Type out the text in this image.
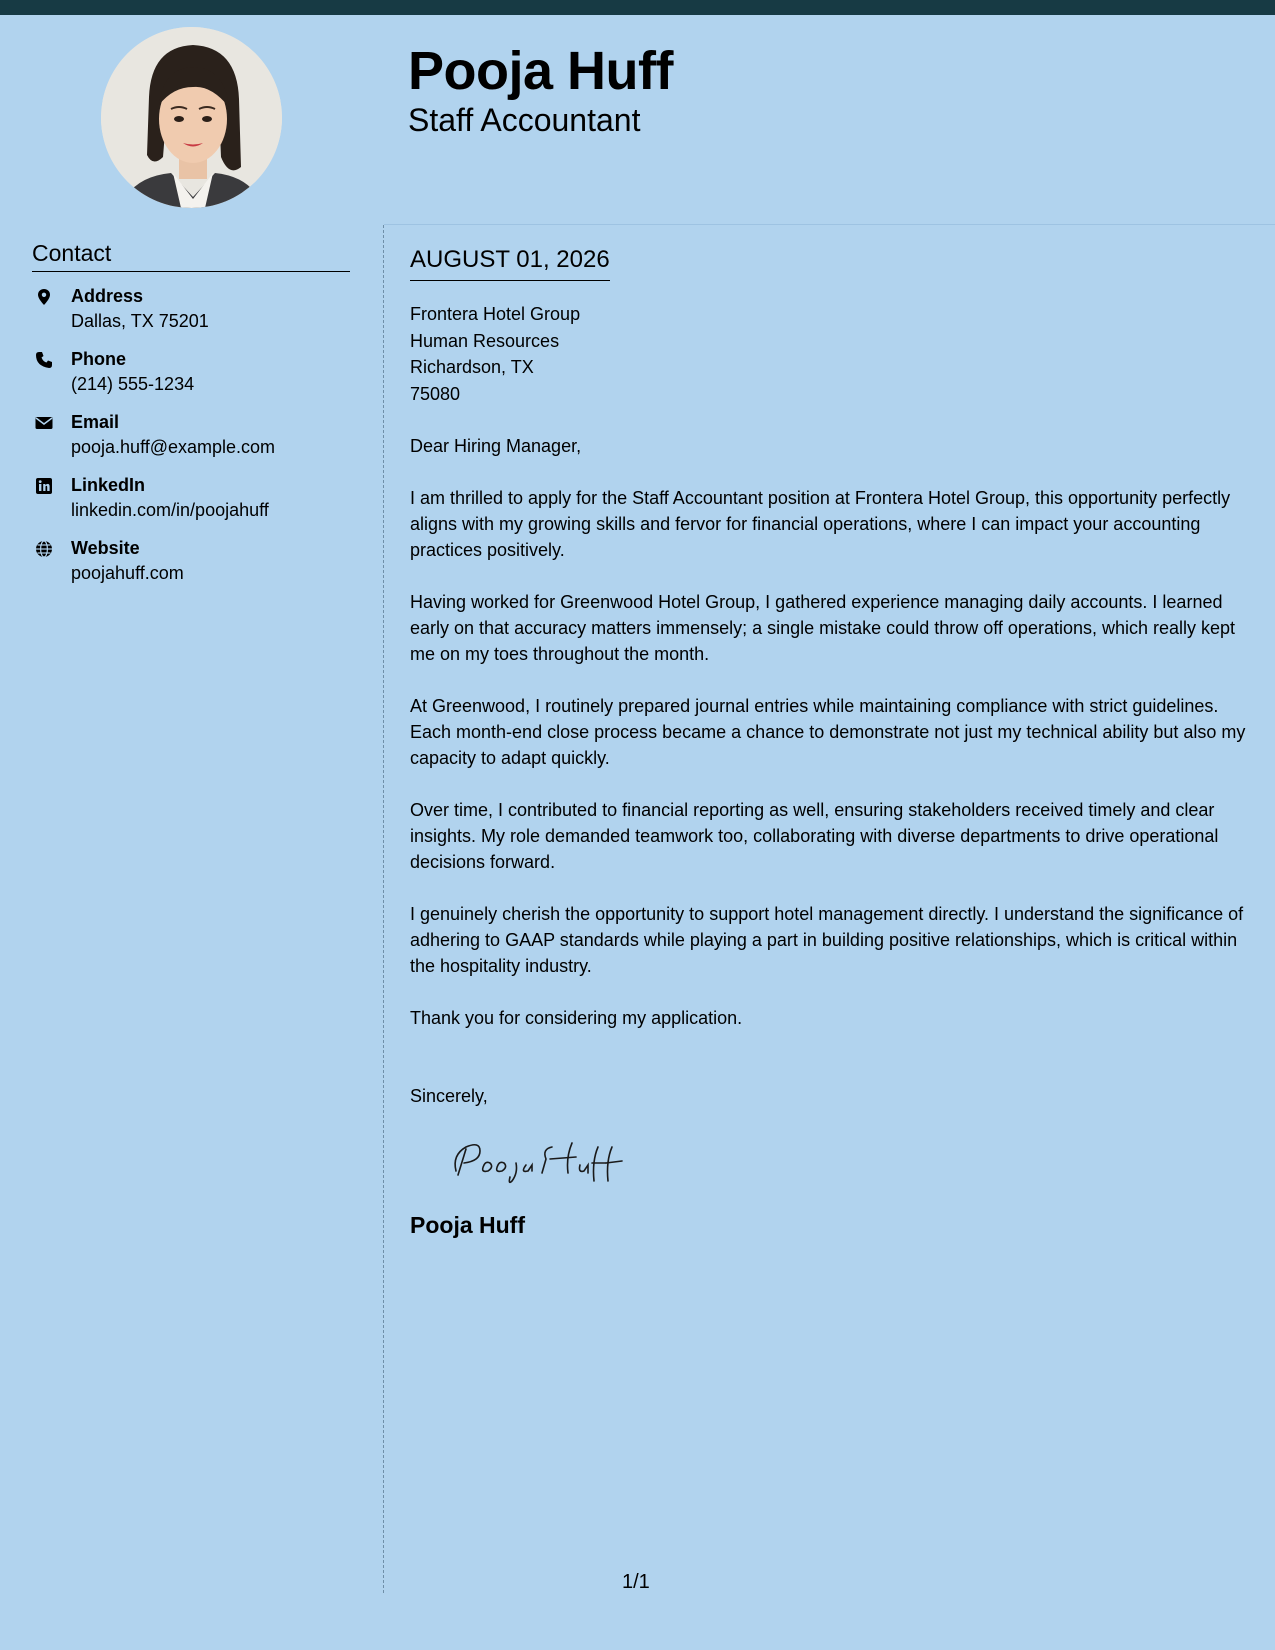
Pooja Huff
Staff Accountant
Contact
Address
Dallas, TX 75201
Phone
(214) 555-1234
Email
pooja.huff@example.com
LinkedIn
linkedin.com/in/poojahuff
Website
poojahuff.com
AUGUST 01, 2026
Frontera Hotel Group
Human Resources
Richardson, TX
75080
Dear Hiring Manager,
I am thrilled to apply for the Staff Accountant position at Frontera Hotel Group, this opportunity perfectly aligns with my growing skills and fervor for financial operations, where I can impact your accounting practices positively.
Having worked for Greenwood Hotel Group, I gathered experience managing daily accounts. I learned early on that accuracy matters immensely; a single mistake could throw off operations, which really kept me on my toes throughout the month.
At Greenwood, I routinely prepared journal entries while maintaining compliance with strict guidelines. Each month-end close process became a chance to demonstrate not just my technical ability but also my capacity to adapt quickly.
Over time, I contributed to financial reporting as well, ensuring stakeholders received timely and clear insights. My role demanded teamwork too, collaborating with diverse departments to drive operational decisions forward.
I genuinely cherish the opportunity to support hotel management directly. I understand the significance of adhering to GAAP standards while playing a part in building positive relationships, which is critical within the hospitality industry.
Thank you for considering my application.
Sincerely,
Pooja Huff
1/1
